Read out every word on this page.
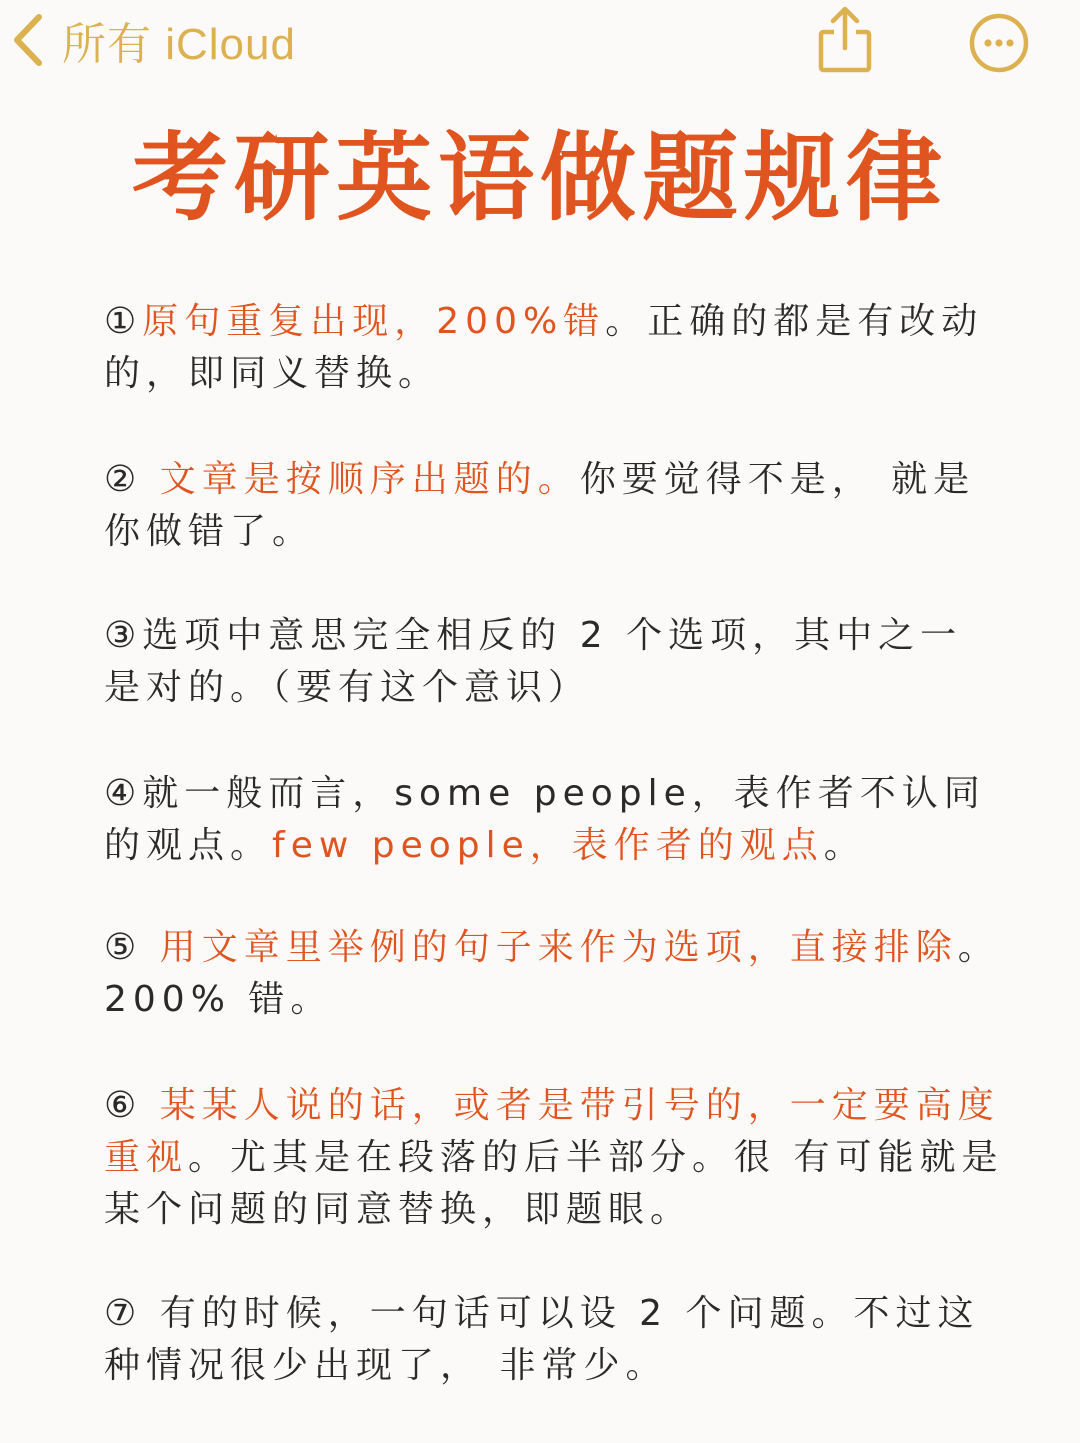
所有 iCloud
考研英语做题规律
①原句重复出现，200%错。正确的都是有改动的，即同义替换。
② 文章是按顺序出题的。你要觉得不是， 就是你做错了。
③选项中意思完全相反的 2 个选项，其中之一是对的。（要有这个意识）
④就一般而言，some people，表作者不认同的观点。few people，表作者的观点。
⑤ 用文章里举例的句子来作为选项，直接排除。200% 错。
⑥ 某某人说的话，或者是带引号的，一定要高度重视。尤其是在段落的后半部分。很 有可能就是某个问题的同意替换，即题眼。
⑦ 有的时候，一句话可以设 2 个问题。不过这种情况很少出现了， 非常少。
